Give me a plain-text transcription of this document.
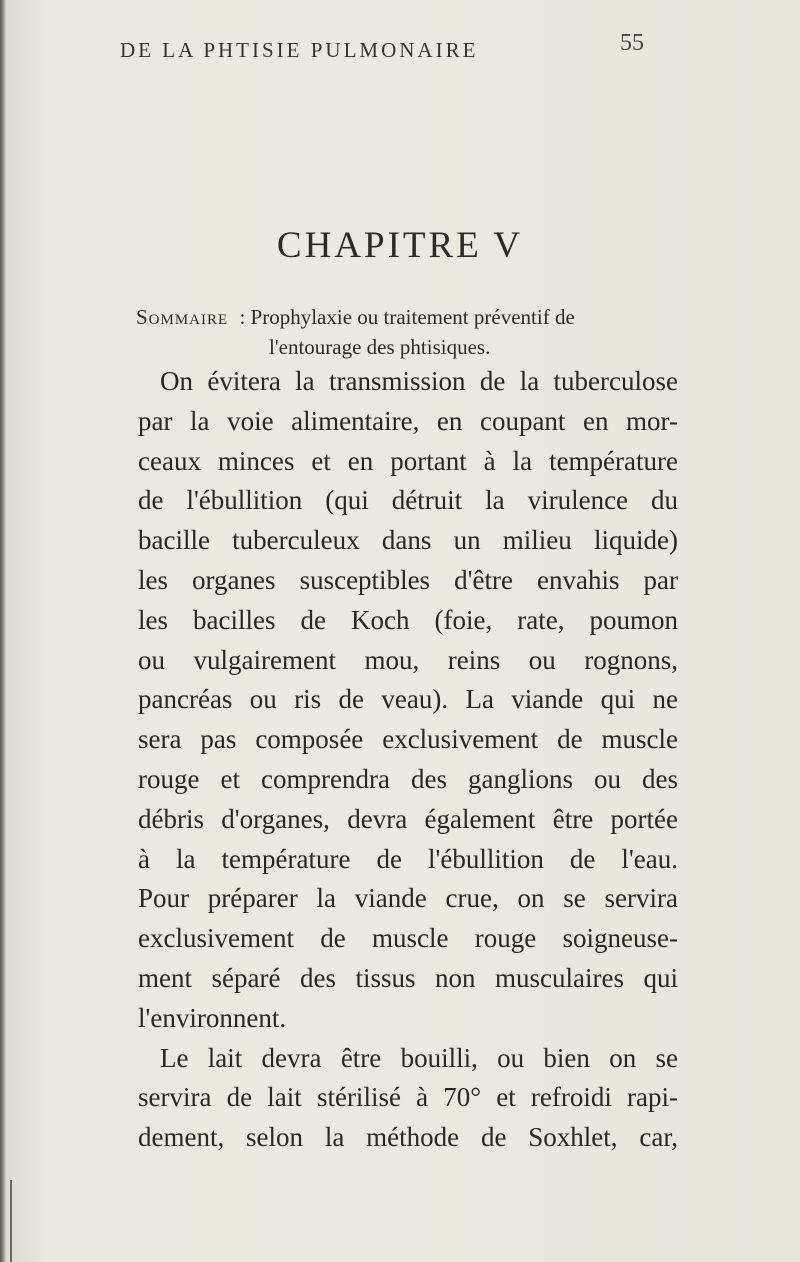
DE LA PHTISIE PULMONAIRE	55
CHAPITRE V
Sommaire : Prophylaxie ou traitement préventif de
l'entourage des phtisiques.
On évitera la transmission de la tuberculose
par la voie alimentaire, en coupant en mor-
ceaux minces et en portant à la température
de l'ébullition (qui détruit la virulence du
bacille tuberculeux dans un milieu liquide)
les organes susceptibles d'être envahis par
les bacilles de Koch (foie, rate, poumon
ou vulgairement mou, reins ou rognons,
pancréas ou ris de veau). La viande qui ne
sera pas composée exclusivement de muscle
rouge et comprendra des ganglions ou des
débris d'organes, devra également être portée
à la température de l'ébullition de l'eau.
Pour préparer la viande crue, on se servira
exclusivement de muscle rouge soigneuse-
ment séparé des tissus non musculaires qui
l'environnent.
Le lait devra être bouilli, ou bien on se
servira de lait stérilisé à 70° et refroidi rapi-
dement, selon la méthode de Soxhlet, car,
